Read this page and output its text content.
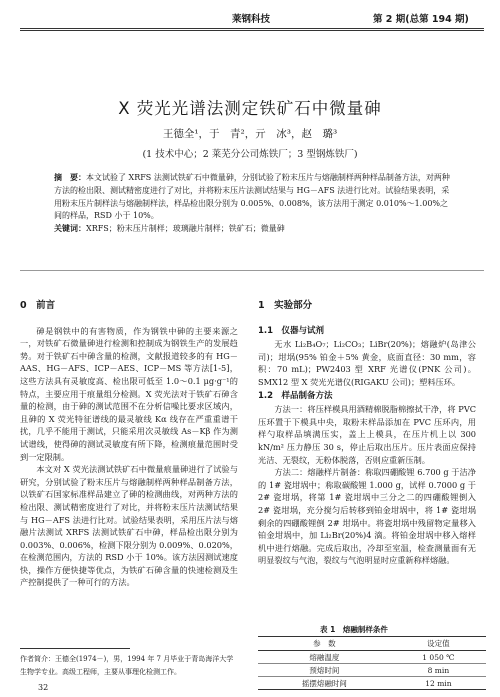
莱钢科技	第 2 期(总第 194 期)
X 荧光光谱法测定铁矿石中微量砷
王德全¹，于　青²，亓　冰³，赵　璐³
(1 技术中心；2 莱芜分公司炼铁厂；3 型钢炼铁厂)
摘　要：本文试验了 XRFS 法测试铁矿石中微量砷，分别试验了粉末压片与熔融制样两种样品制备方法，对两种方法的检出限、测试精密度进行了对比，并将粉末压片法测试结果与 HG－AFS 法进行比对。试验结果表明，采用粉末压片制样法与熔融制样法，样品检出限分别为 0.005%、0.008%，该方法用于测定 0.010%～1.00%之间的样品，RSD 小于 10%。
关键词：XRFS；粉末压片制样；玻璃融片制样；铁矿石；微量砷
0　前言

砷是钢铁中的有害物质，作为钢铁中砷的主要来源之一，对铁矿石微量砷进行检测和控制成为钢铁生产的发展趋势。对于铁矿石中砷含量的检测，文献报道较多的有 HG－AAS、HG－AFS、ICP－AES、ICP－MS 等方法[1-5]，这些方法具有灵敏度高、检出限可低至 1.0～0.1 μg·g⁻¹的特点，主要应用于痕量组分检测。X 荧光法对于铁矿石砷含量的检测，由于砷的测试范围不在分析信噪比要求区域内，且砷的 X 荧光特征谱线的最灵敏线 Kα 线存在严重重谱干扰，几乎不能用于测试，只能采用次灵敏线 As－Kβ 作为测试谱线，使得砷的测试灵敏度有所下降，检测痕量范围时受到一定限制。

本文对 X 荧光法测试铁矿石中微量痕量砷进行了试验与研究，分别试验了粉末压片与熔融制样两种样品制备方法，以铁矿石国家标准样品建立了砷的检测曲线，对两种方法的检出限、测试精密度进行了对比，并将粉末压片法测试结果与 HG－AFS 法进行比对。试验结果表明，采用压片法与熔融片法测试 XRFS 法测试铁矿石中砷，样品检出限分别为 0.003%、0.006%，检测下限分别为 0.009%、0.020%，在检测范围内，方法的 RSD 小于 10%。该方法因测试速度快，操作方便快捷等优点，为铁矿石砷含量的快速检测及生产控制提供了一种可行的方法。

1　实验部分
1.1　仪器与试剂

无水 Li₂B₄O₇；Li₂CO₃；LiBr(20%)；熔融炉(岛津公司)；坩埚(95% 铂金＋5% 黄金，底面直径：30 mm，容积：70 mL)；PW2403 型 XRF 光谱仪(PNK 公司)。SMX12 型 X 荧光光谱仪(RIGAKU 公司)；塑料压环。

1.2　样品制备方法

方法一：将压样模具用酒精棉脱脂棉擦拭干净，将 PVC 压环置于下模具中央，取粉末样品添加在 PVC 压环内，用样勺取样品填满压实，盖上上模具，在压片机上以 300 kN/m² 压力静压 30 s，停止后取出压片。压片表面应保持光洁、无裂纹，无粉体脱落，否则应重新压制。

方法二：熔融样片制备：称取四硼酸锂 6.700 g 于洁净的 1# 瓷坩埚中；称取碳酸锂 1.000 g，试样 0.7000 g 于 2# 瓷坩埚，将第 1# 瓷坩埚中三分之二的四硼酸锂倒入 2# 瓷坩埚，充分搅匀后转移到铂金坩埚中，将 1# 瓷坩埚剩余的四硼酸锂倒 2# 坩埚中。将瓷坩埚中残留物定量移入铂金坩埚中，加 Li₂Br(20%)4 滴。将铂金坩埚中移入熔样机中进行熔融。完成后取出，冷却至室温，检查测量面有无明显裂纹与气泡，裂纹与气泡明显时应重新称样熔融。

表 1　熔融制样条件
参　数	设定值
熔融温度	1 050 ℃
预熔时间	8 min
摇摆熔融时间	12 min
作者简介：王德全(1974－)，男，1994 年 7 月毕业于青岛海洋大学生物学专业。高级工程师，主要从事理化检测工作。
32
